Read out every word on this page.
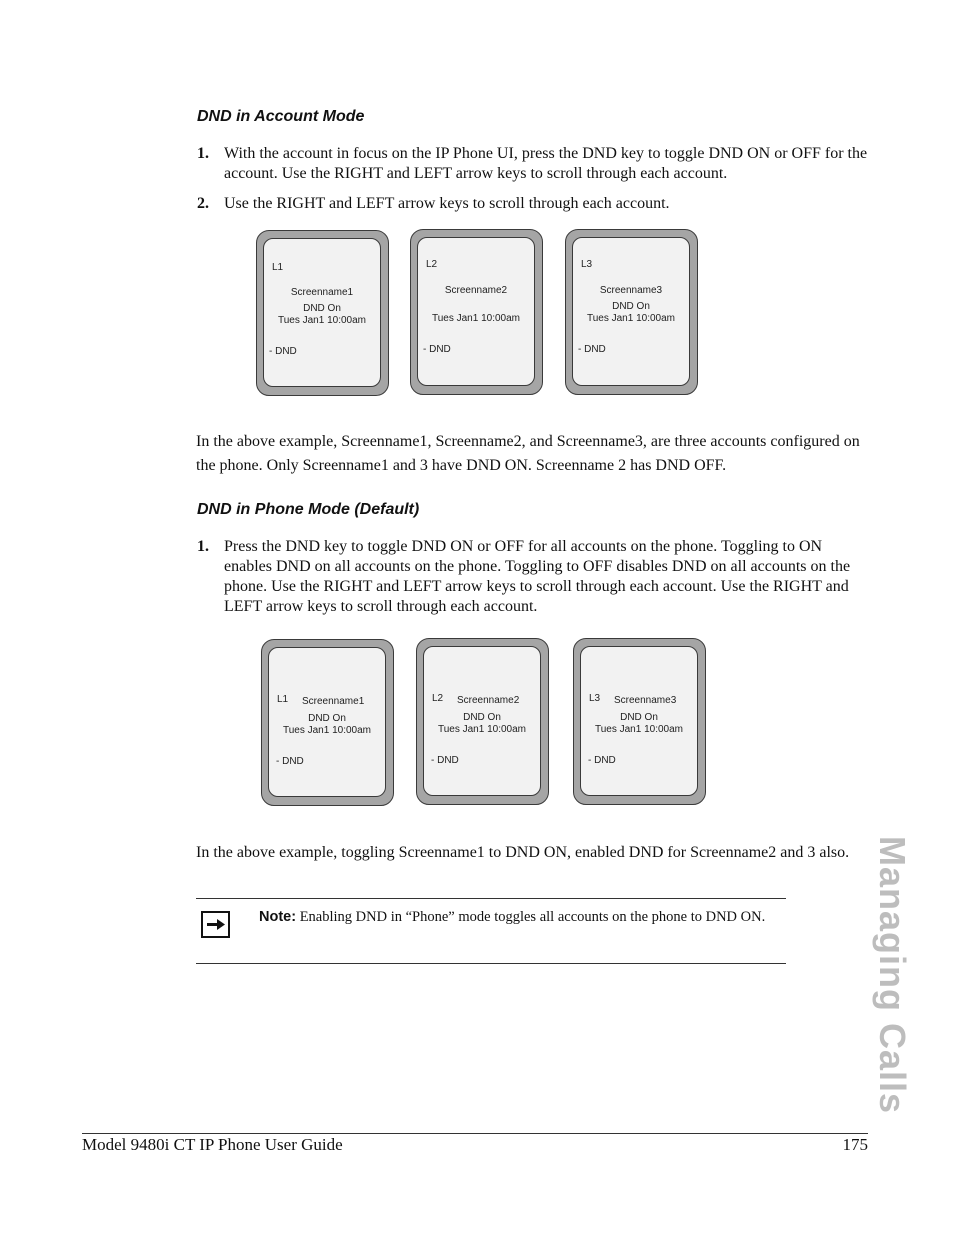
DND in Account Mode
1. With the account in focus on the IP Phone UI, press the DND key to toggle DND ON or OFF for the account. Use the RIGHT and LEFT arrow keys to scroll through each account.
2. Use the RIGHT and LEFT arrow keys to scroll through each account.
L1
Screenname1
DND On
Tues Jan1 10:00am
- DND
L2
Screenname2
Tues Jan1 10:00am
- DND
L3
Screenname3
DND On
Tues Jan1 10:00am
- DND

In the above example, Screenname1, Screenname2, and Screenname3, are three accounts configured on the phone. Only Screenname1 and 3 have DND ON. Screenname 2 has DND OFF.

DND in Phone Mode (Default)
1. Press the DND key to toggle DND ON or OFF for all accounts on the phone. Toggling to ON enables DND on all accounts on the phone. Toggling to OFF disables DND on all accounts on the phone. Use the RIGHT and LEFT arrow keys to scroll through each account. Use the RIGHT and LEFT arrow keys to scroll through each account.
L1 Screenname1
DND On
Tues Jan1 10:00am
- DND
L2 Screenname2
DND On
Tues Jan1 10:00am
- DND
L3 Screenname3
DND On
Tues Jan1 10:00am
- DND

In the above example, toggling Screenname1 to DND ON, enabled DND for Screenname2 and 3 also.

Note: Enabling DND in “Phone” mode toggles all accounts on the phone to DND ON.	Managing Calls
Model 9480i CT IP Phone User Guide	175
